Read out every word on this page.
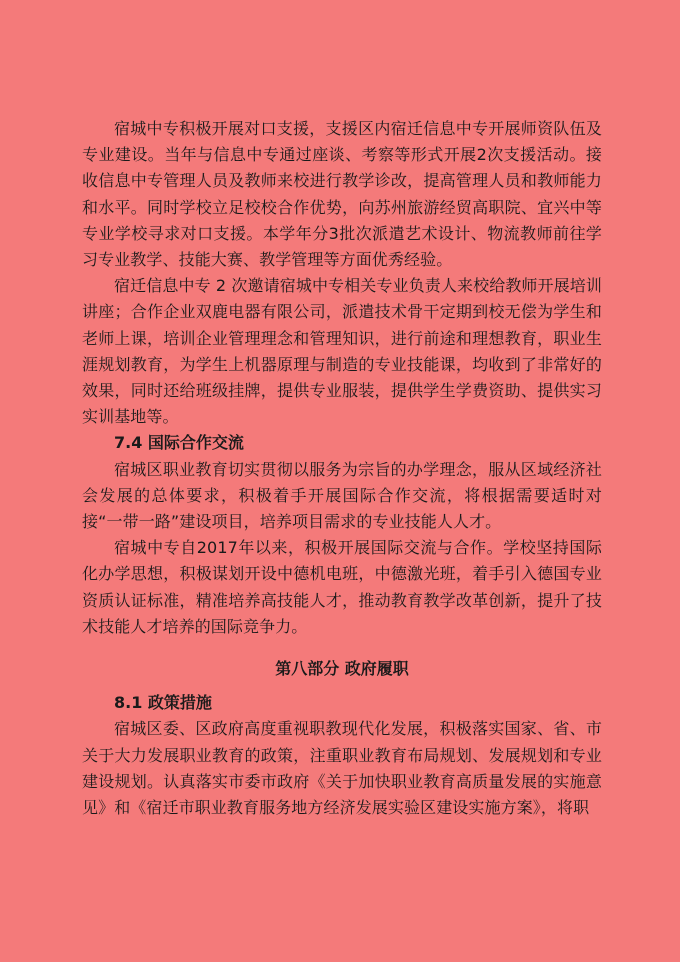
宿城中专积极开展对口支援，支援区内宿迁信息中专开展师资队伍及专业建设。当年与信息中专通过座谈、考察等形式开展2次支援活动。接收信息中专管理人员及教师来校进行教学诊改，提高管理人员和教师能力和水平。同时学校立足校校合作优势，向苏州旅游经贸高职院、宜兴中等专业学校寻求对口支援。本学年分3批次派遣艺术设计、物流教师前往学习专业教学、技能大赛、教学管理等方面优秀经验。

宿迁信息中专 2 次邀请宿城中专相关专业负责人来校给教师开展培训讲座；合作企业双鹿电器有限公司，派遣技术骨干定期到校无偿为学生和老师上课，培训企业管理理念和管理知识，进行前途和理想教育，职业生涯规划教育，为学生上机器原理与制造的专业技能课，均收到了非常好的效果，同时还给班级挂牌，提供专业服装，提供学生学费资助、提供实习实训基地等。

7.4 国际合作交流

宿城区职业教育切实贯彻以服务为宗旨的办学理念，服从区域经济社会发展的总体要求，积极着手开展国际合作交流，将根据需要适时对接“一带一路”建设项目，培养项目需求的专业技能人人才。

宿城中专自2017年以来，积极开展国际交流与合作。学校坚持国际化办学思想，积极谋划开设中德机电班，中德激光班，着手引入德国专业资质认证标准，精准培养高技能人才，推动教育教学改革创新，提升了技术技能人才培养的国际竞争力。

第八部分 政府履职

8.1 政策措施

宿城区委、区政府高度重视职教现代化发展，积极落实国家、省、市关于大力发展职业教育的政策，注重职业教育布局规划、发展规划和专业建设规划。认真落实市委市政府《关于加快职业教育高质量发展的实施意见》和《宿迁市职业教育服务地方经济发展实验区建设实施方案》，将职
